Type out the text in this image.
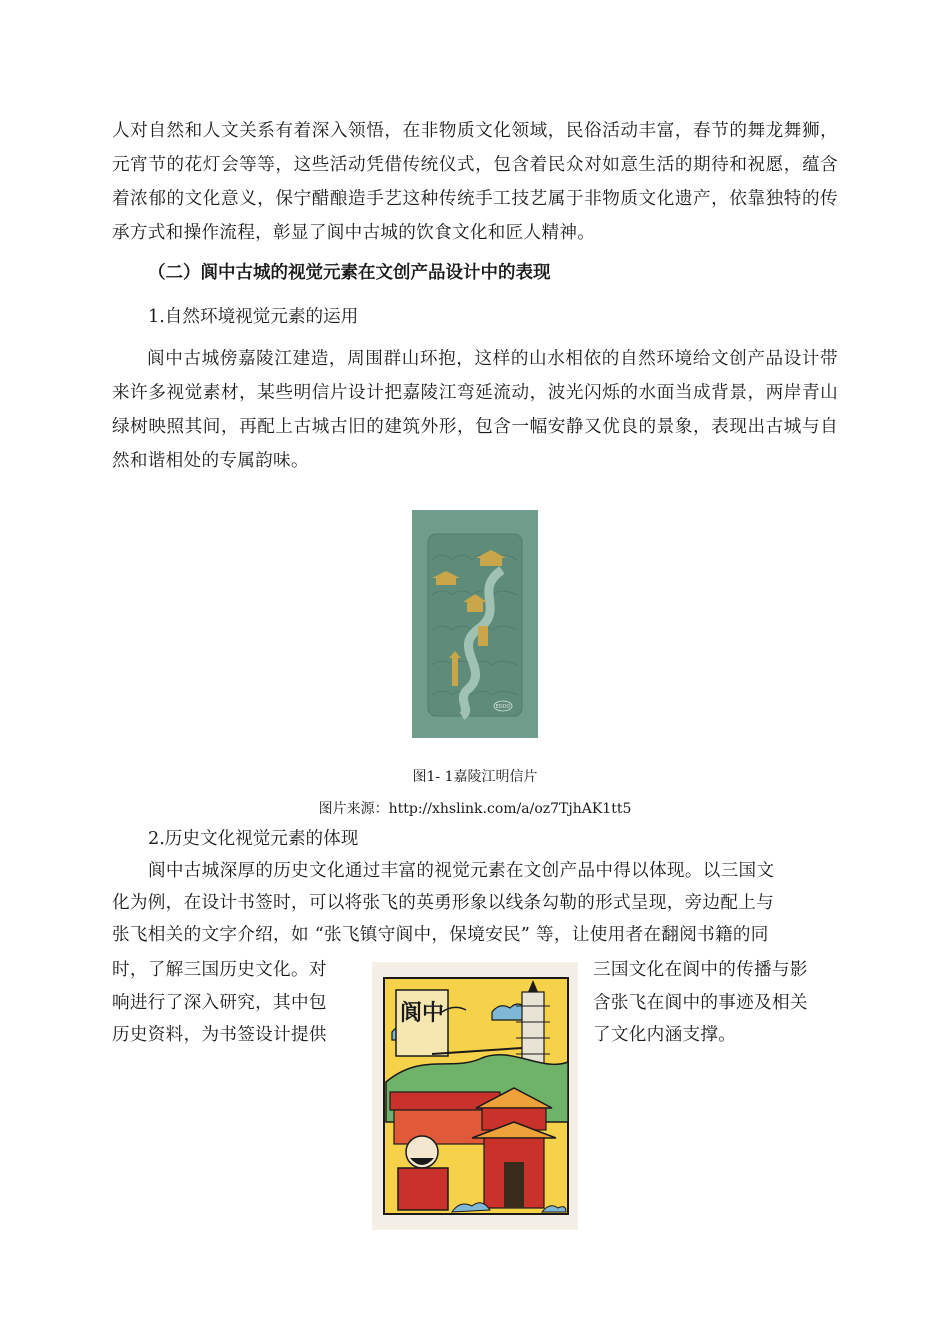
人对自然和人文关系有着深入领悟，在非物质文化领域，民俗活动丰富，春节的舞龙舞狮，元宵节的花灯会等等，这些活动凭借传统仪式，包含着民众对如意生活的期待和祝愿，蕴含着浓郁的文化意义，保宁醋酿造手艺这种传统手工技艺属于非物质文化遗产，依靠独特的传承方式和操作流程，彰显了阆中古城的饮食文化和匠人精神。

（二）阆中古城的视觉元素在文创产品设计中的表现

1.自然环境视觉元素的运用

阆中古城傍嘉陵江建造，周围群山环抱，这样的山水相依的自然环境给文创产品设计带来许多视觉素材，某些明信片设计把嘉陵江弯延流动，波光闪烁的水面当成背景，两岸青山绿树映照其间，再配上古城古旧的建筑外形，包含一幅安静又优良的景象，表现出古城与自然和谐相处的专属韵味。

EDDO

图1- 1嘉陵江明信片

图片来源：http://xhslink.com/a/oz7TjhAK1tt5

2.历史文化视觉元素的体现

阆中古城深厚的历史文化通过丰富的视觉元素在文创产品中得以体现。以三国文
化为例，在设计书签时，可以将张飞的英勇形象以线条勾勒的形式呈现，旁边配上与
张飞相关的文字介绍，如 “张飞镇守阆中，保境安民” 等，让使用者在翻阅书籍的同
时，了解三国历史文化。对
响进行了深入研究，其中包
历史资料，为书签设计提供
三国文化在阆中的传播与影
含张飞在阆中的事迹及相关
了文化内涵支撑。
阆中
